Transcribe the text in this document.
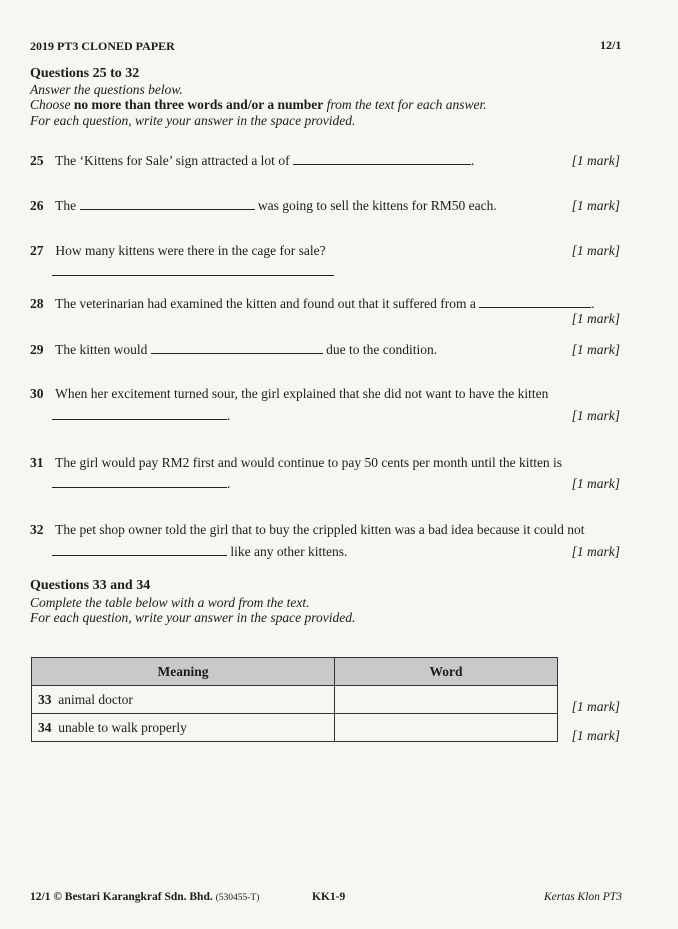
2019 PT3 CLONED PAPER	12/1
Questions 25 to 32
Answer the questions below.
Choose no more than three words and/or a number from the text for each answer.
For each question, write your answer in the space provided.
25 The ‘Kittens for Sale’ sign attracted a lot of	.	[1 mark]
26 The	was going to sell the kittens for RM50 each.	[1 mark]
27 How many kittens were there in the cage for sale?	[1 mark]
28 The veterinarian had examined the kitten and found out that it suffered from a	.
[1 mark]
29 The kitten would	due to the condition.	[1 mark]
30 When her excitement turned sour, the girl explained that she did not want to have the kitten
.	[1 mark]
31 The girl would pay RM2 first and would continue to pay 50 cents per month until the kitten is
.	[1 mark]
32 The pet shop owner told the girl that to buy the crippled kitten was a bad idea because it could not
like any other kittens.	[1 mark]
Questions 33 and 34
Complete the table below with a word from the text.
For each question, write your answer in the space provided.
Meaning	Word
33 animal doctor	
34 unable to walk properly	
[1 mark]
[1 mark]
12/1 © Bestari Karangkraf Sdn. Bhd. (530455-T)	KK1-9	Kertas Klon PT3
